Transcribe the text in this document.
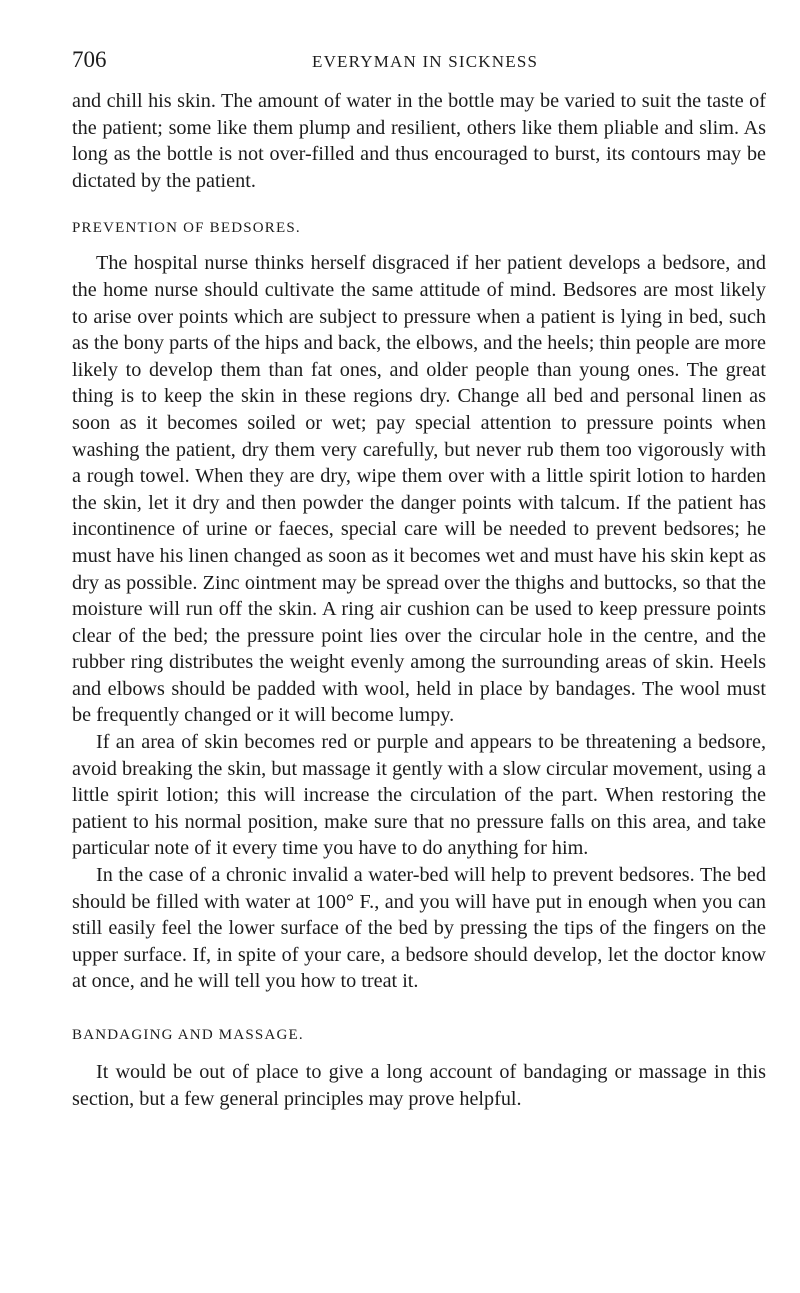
706	EVERYMAN IN SICKNESS

and chill his skin. The amount of water in the bottle may be varied to suit the taste of the patient; some like them plump and resilient, others like them pliable and slim. As long as the bottle is not over-filled and thus encouraged to burst, its contours may be dictated by the patient.

PREVENTION OF BEDSORES.

The hospital nurse thinks herself disgraced if her patient develops a bedsore, and the home nurse should cultivate the same attitude of mind. Bedsores are most likely to arise over points which are subject to pressure when a patient is lying in bed, such as the bony parts of the hips and back, the elbows, and the heels; thin people are more likely to develop them than fat ones, and older people than young ones. The great thing is to keep the skin in these regions dry. Change all bed and personal linen as soon as it becomes soiled or wet; pay special attention to pressure points when washing the patient, dry them very carefully, but never rub them too vigorously with a rough towel. When they are dry, wipe them over with a little spirit lotion to harden the skin, let it dry and then powder the danger points with talcum. If the patient has incontinence of urine or faeces, special care will be needed to prevent bedsores; he must have his linen changed as soon as it becomes wet and must have his skin kept as dry as possible. Zinc ointment may be spread over the thighs and buttocks, so that the moisture will run off the skin. A ring air cushion can be used to keep pressure points clear of the bed; the pressure point lies over the circular hole in the centre, and the rubber ring distributes the weight evenly among the surrounding areas of skin. Heels and elbows should be padded with wool, held in place by bandages. The wool must be frequently changed or it will become lumpy.

If an area of skin becomes red or purple and appears to be threatening a bedsore, avoid breaking the skin, but massage it gently with a slow circular movement, using a little spirit lotion; this will increase the circulation of the part. When restoring the patient to his normal position, make sure that no pressure falls on this area, and take particular note of it every time you have to do anything for him.

In the case of a chronic invalid a water-bed will help to prevent bedsores. The bed should be filled with water at 100° F., and you will have put in enough when you can still easily feel the lower surface of the bed by pressing the tips of the fingers on the upper surface. If, in spite of your care, a bedsore should develop, let the doctor know at once, and he will tell you how to treat it.

BANDAGING AND MASSAGE.

It would be out of place to give a long account of bandaging or massage in this section, but a few general principles may prove helpful.
